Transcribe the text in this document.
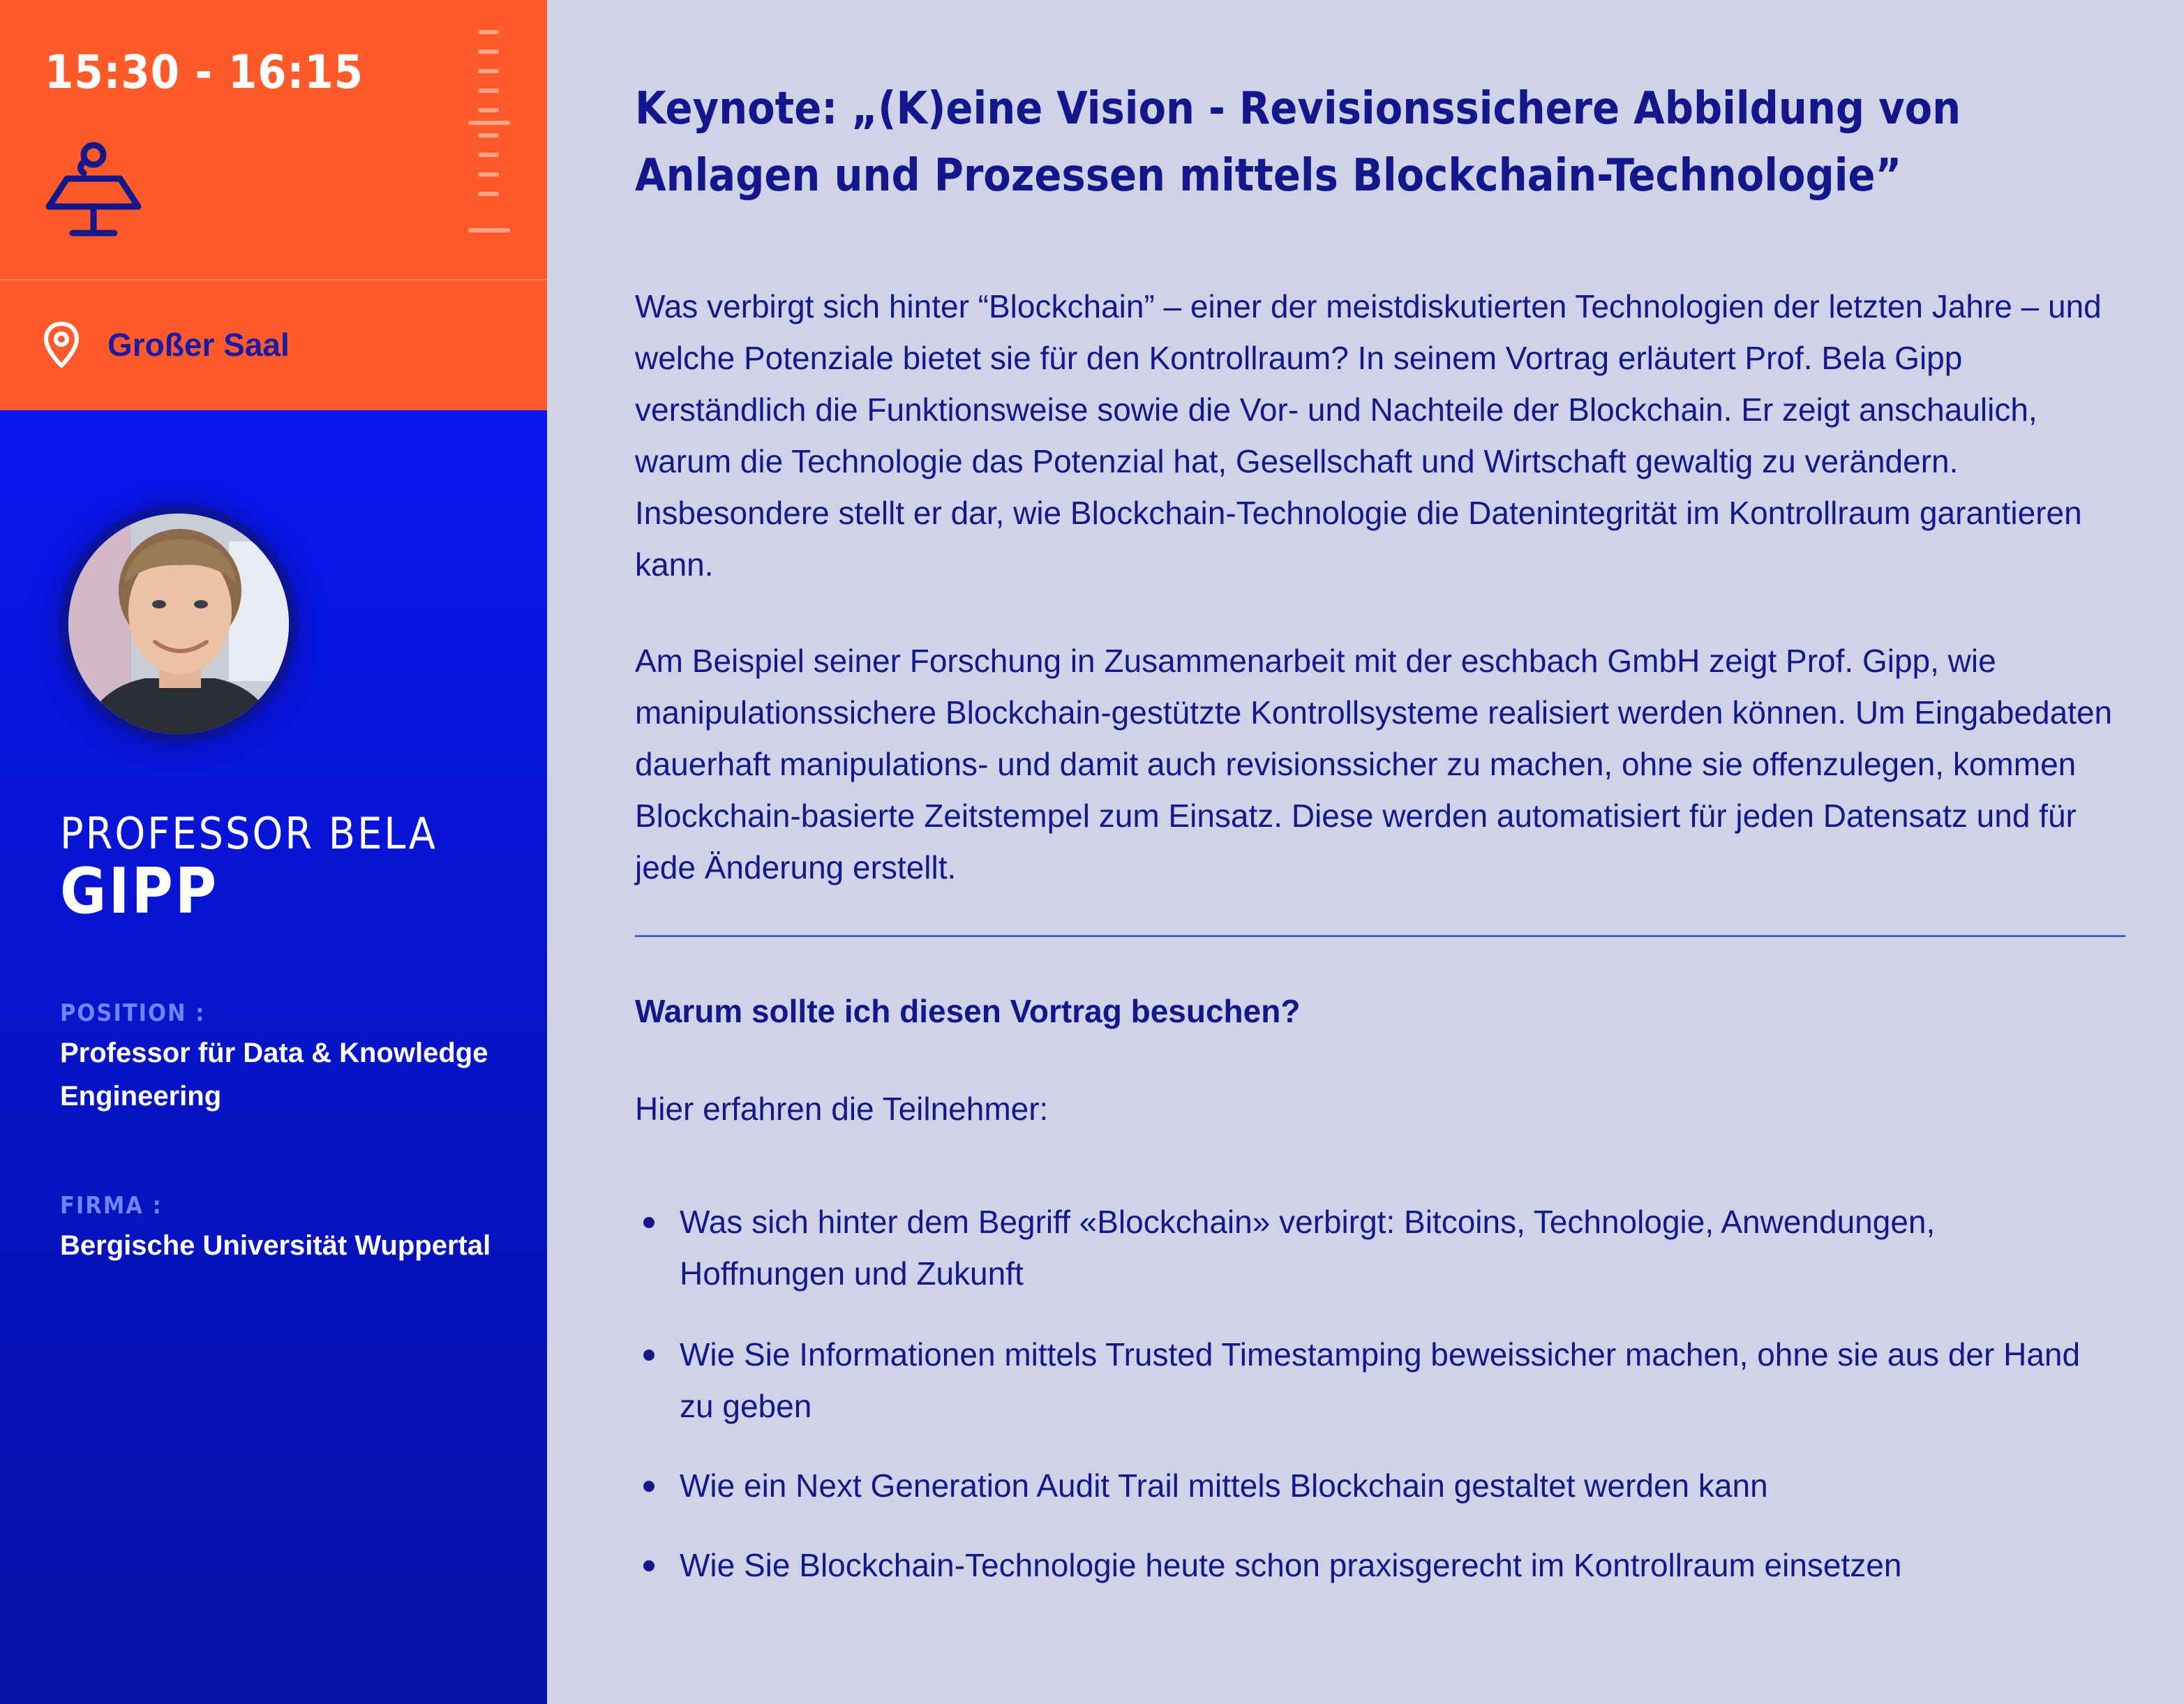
15:30 - 16:15
Großer Saal
PROFESSOR BELA
GIPP
POSITION :
Professor für Data & Knowledge Engineering
FIRMA :
Bergische Universität Wuppertal
Keynote: „(K)eine Vision - Revisionssichere Abbildung von Anlagen und Prozessen mittels Blockchain-Technologie”

Was verbirgt sich hinter “Blockchain” – einer der meistdiskutierten Technologien der letzten Jahre – und welche Potenziale bietet sie für den Kontrollraum? In seinem Vortrag erläutert Prof. Bela Gipp verständlich die Funktionsweise sowie die Vor- und Nachteile der Blockchain. Er zeigt anschaulich, warum die Technologie das Potenzial hat, Gesellschaft und Wirtschaft gewaltig zu verändern. Insbesondere stellt er dar, wie Blockchain-Technologie die Datenintegrität im Kontrollraum garantieren kann.

Am Beispiel seiner Forschung in Zusammenarbeit mit der eschbach GmbH zeigt Prof. Gipp, wie manipulationssichere Blockchain-gestützte Kontrollsysteme realisiert werden können. Um Eingabedaten dauerhaft manipulations- und damit auch revisionssicher zu machen, ohne sie offenzulegen, kommen Blockchain-basierte Zeitstempel zum Einsatz. Diese werden automatisiert für jeden Datensatz und für jede Änderung erstellt.

Warum sollte ich diesen Vortrag besuchen?
Hier erfahren die Teilnehmer:
Was sich hinter dem Begriff «Blockchain» verbirgt: Bitcoins, Technologie, Anwendungen, Hoffnungen und Zukunft
Wie Sie Informationen mittels Trusted Timestamping beweissicher machen, ohne sie aus der Hand zu geben
Wie ein Next Generation Audit Trail mittels Blockchain gestaltet werden kann
Wie Sie Blockchain-Technologie heute schon praxisgerecht im Kontrollraum einsetzen
